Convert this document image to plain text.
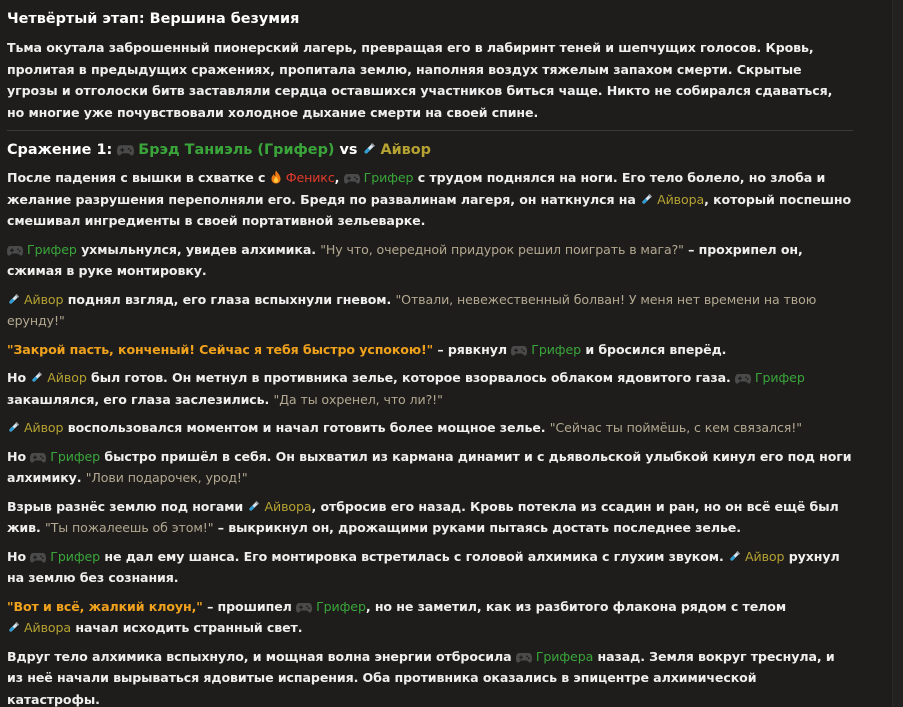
Четвёртый этап: Вершина безумия
Тьма окутала заброшенный пионерский лагерь, превращая его в лабиринт теней и шепчущих голосов. Кровь, пролитая в предыдущих сражениях, пропитала землю, наполняя воздух тяжелым запахом смерти. Скрытые угрозы и отголоски битв заставляли сердца оставшихся участников биться чаще. Никто не собирался сдаваться, но многие уже почувствовали холодное дыхание смерти на своей спине.
Сражение 1: Брэд Таниэль (Грифер) vs Айвор
После падения с вышки в схватке с Феникс, Грифер с трудом поднялся на ноги. Его тело болело, но злоба и желание разрушения переполняли его. Бредя по развалинам лагеря, он наткнулся на Айвора, который поспешно смешивал ингредиенты в своей портативной зельеварке.
Грифер ухмыльнулся, увидев алхимика. "Ну что, очередной придурок решил поиграть в мага?" – прохрипел он, сжимая в руке монтировку.
Айвор поднял взгляд, его глаза вспыхнули гневом. "Отвали, невежественный болван! У меня нет времени на твою ерунду!"
"Закрой пасть, конченый! Сейчас я тебя быстро успокою!" – рявкнул Грифер и бросился вперёд.
Но Айвор был готов. Он метнул в противника зелье, которое взорвалось облаком ядовитого газа. Грифер закашлялся, его глаза заслезились. "Да ты охренел, что ли?!"
Айвор воспользовался моментом и начал готовить более мощное зелье. "Сейчас ты поймёшь, с кем связался!"
Но Грифер быстро пришёл в себя. Он выхватил из кармана динамит и с дьявольской улыбкой кинул его под ноги алхимику. "Лови подарочек, урод!"
Взрыв разнёс землю под ногами Айвора, отбросив его назад. Кровь потекла из ссадин и ран, но он всё ещё был жив. "Ты пожалеешь об этом!" – выкрикнул он, дрожащими руками пытаясь достать последнее зелье.
Но Грифер не дал ему шанса. Его монтировка встретилась с головой алхимика с глухим звуком. Айвор рухнул на землю без сознания.
"Вот и всё, жалкий клоун," – прошипел Грифер, но не заметил, как из разбитого флакона рядом с телом Айвора начал исходить странный свет.
Вдруг тело алхимика вспыхнуло, и мощная волна энергии отбросила Грифера назад. Земля вокруг треснула, и из неё начали вырываться ядовитые испарения. Оба противника оказались в эпицентре алхимической катастрофы.
